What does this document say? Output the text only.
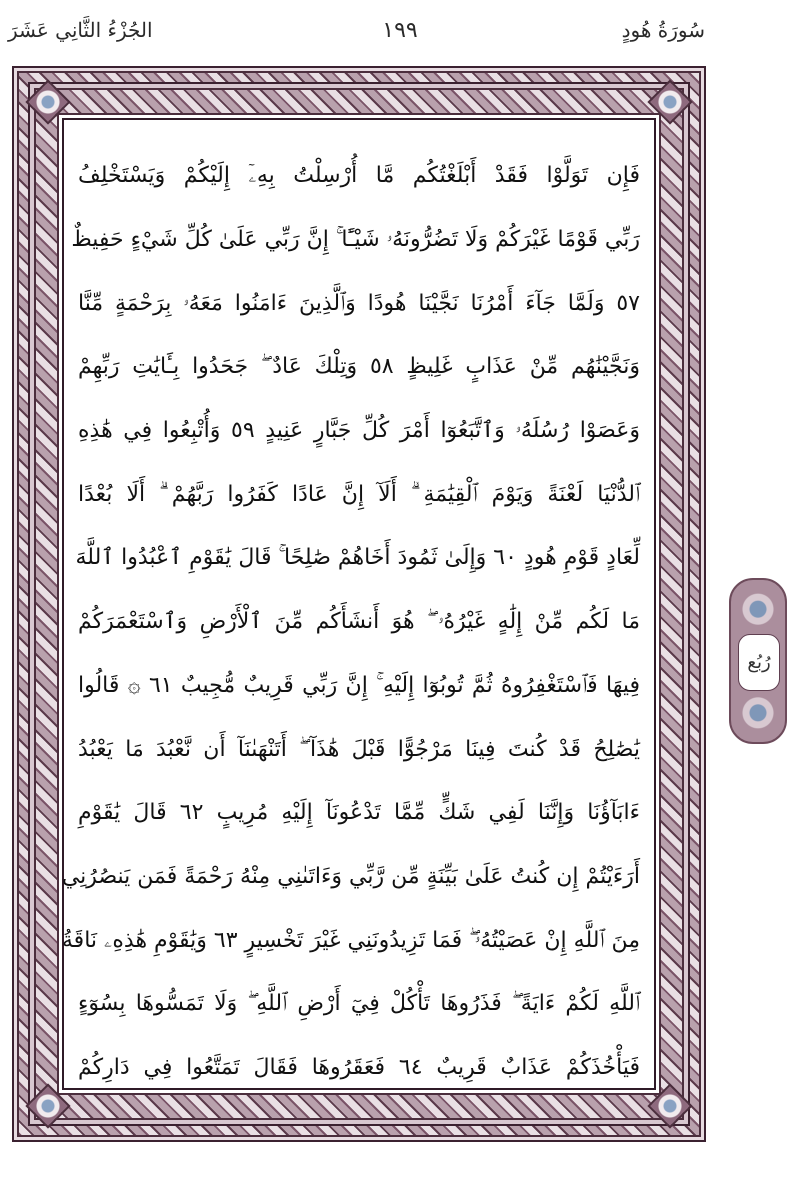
سُورَةُ هُودٍ
١٩٩
الجُزْءُ الثَّانِي عَشَرَ
فَإِن تَوَلَّوْا فَقَدْ أَبْلَغْتُكُم مَّا أُرْسِلْتُ بِهِۦٓ إِلَيْكُمْ وَيَسْتَخْلِفُ
رَبِّي قَوْمًا غَيْرَكُمْ وَلَا تَضُرُّونَهُۥ شَيْـًٔا ۚ إِنَّ رَبِّي عَلَىٰ كُلِّ شَيْءٍ حَفِيظٌ
٥٧ وَلَمَّا جَآءَ أَمْرُنَا نَجَّيْنَا هُودًا وَٱلَّذِينَ ءَامَنُوا مَعَهُۥ بِرَحْمَةٍ مِّنَّا
وَنَجَّيْنَٰهُم مِّنْ عَذَابٍ غَلِيظٍ ٥٨ وَتِلْكَ عَادٌ ۖ جَحَدُوا بِـَٔايَٰتِ رَبِّهِمْ
وَعَصَوْا رُسُلَهُۥ وَٱتَّبَعُوٓا أَمْرَ كُلِّ جَبَّارٍ عَنِيدٍ ٥٩ وَأُتْبِعُوا فِي هَٰذِهِ
ٱلدُّنْيَا لَعْنَةً وَيَوْمَ ٱلْقِيَٰمَةِ ۗ أَلَآ إِنَّ عَادًا كَفَرُوا رَبَّهُمْ ۗ أَلَا بُعْدًا
لِّعَادٍ قَوْمِ هُودٍ ٦٠ وَإِلَىٰ ثَمُودَ أَخَاهُمْ صَٰلِحًا ۚ قَالَ يَٰقَوْمِ ٱعْبُدُوا ٱللَّهَ
مَا لَكُم مِّنْ إِلَٰهٍ غَيْرُهُۥ ۖ هُوَ أَنشَأَكُم مِّنَ ٱلْأَرْضِ وَٱسْتَعْمَرَكُمْ
فِيهَا فَٱسْتَغْفِرُوهُ ثُمَّ تُوبُوٓا إِلَيْهِ ۚ إِنَّ رَبِّي قَرِيبٌ مُّجِيبٌ ٦١ ۞ قَالُوا
يَٰصَٰلِحُ قَدْ كُنتَ فِينَا مَرْجُوًّا قَبْلَ هَٰذَآ ۖ أَتَنْهَىٰنَآ أَن نَّعْبُدَ مَا يَعْبُدُ
ءَابَآؤُنَا وَإِنَّنَا لَفِي شَكٍّ مِّمَّا تَدْعُونَآ إِلَيْهِ مُرِيبٍ ٦٢ قَالَ يَٰقَوْمِ
أَرَءَيْتُمْ إِن كُنتُ عَلَىٰ بَيِّنَةٍ مِّن رَّبِّي وَءَاتَىٰنِي مِنْهُ رَحْمَةً فَمَن يَنصُرُنِي
مِنَ ٱللَّهِ إِنْ عَصَيْتُهُۥ ۖ فَمَا تَزِيدُونَنِي غَيْرَ تَخْسِيرٍ ٦٣ وَيَٰقَوْمِ هَٰذِهِۦ نَاقَةُ
ٱللَّهِ لَكُمْ ءَايَةً ۖ فَذَرُوهَا تَأْكُلْ فِيٓ أَرْضِ ٱللَّهِ ۖ وَلَا تَمَسُّوهَا بِسُوٓءٍ
فَيَأْخُذَكُمْ عَذَابٌ قَرِيبٌ ٦٤ فَعَقَرُوهَا فَقَالَ تَمَتَّعُوا فِي دَارِكُمْ
رُبُع
